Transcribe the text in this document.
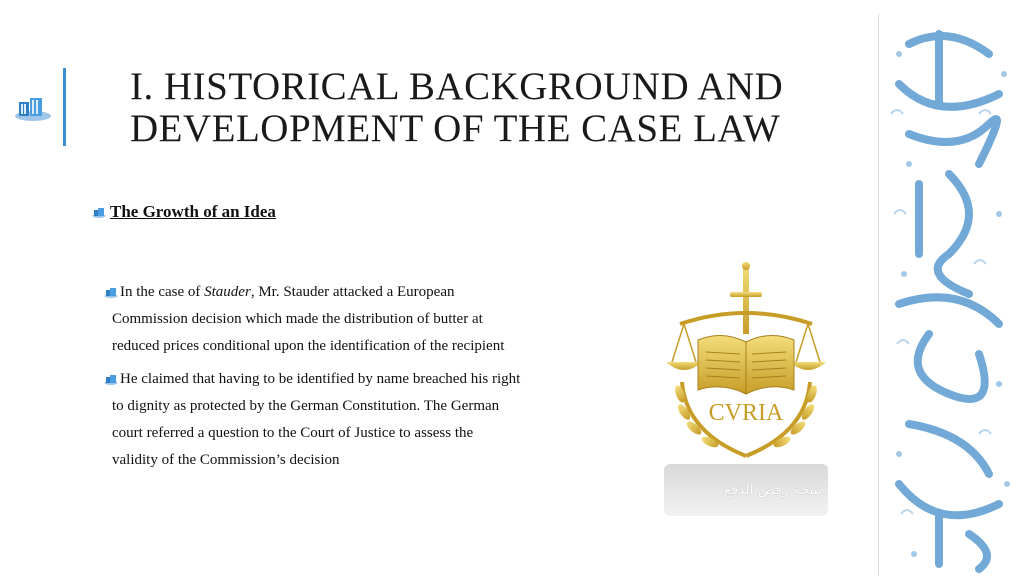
I. HISTORICAL BACKGROUND AND
DEVELOPMENT OF THE CASE LAW
The Growth of an Idea
In the case of Stauder, Mr. Stauder attacked a European
Commission decision which made the distribution of butter at
reduced prices conditional upon the identification of the recipient
He claimed that having to be identified by name breached his right
to dignity as protected by the German Constitution. The German
court referred a question to the Court of Justice to assess the
validity of the Commission’s decision
CVRIA
نتيجة رفض الدفع
